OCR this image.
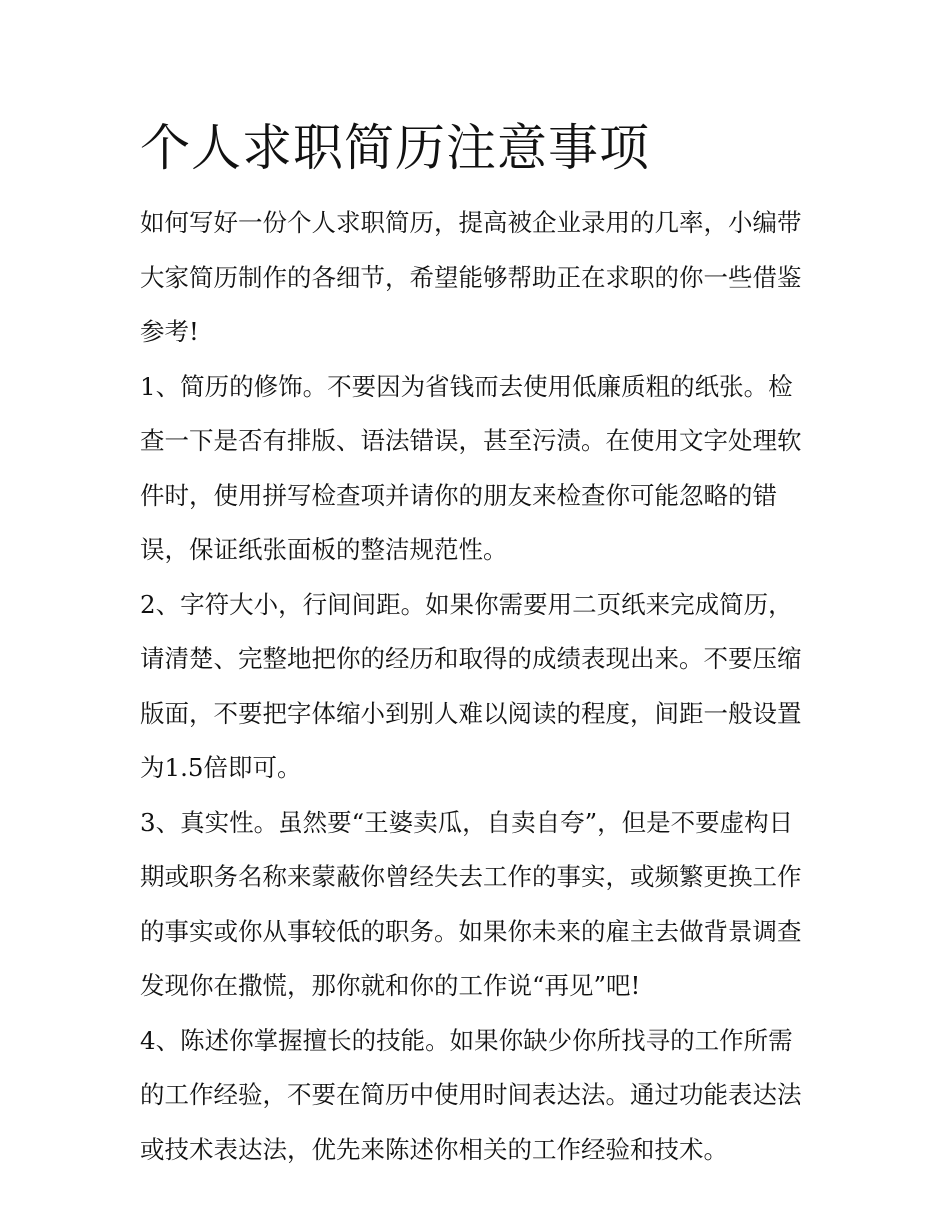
个人求职简历注意事项

如何写好一份个人求职简历，提高被企业录用的几率，小编带大家简历制作的各细节，希望能够帮助正在求职的你一些借鉴参考!

1、简历的修饰。不要因为省钱而去使用低廉质粗的纸张。检查一下是否有排版、语法错误，甚至污渍。在使用文字处理软件时，使用拼写检查项并请你的朋友来检查你可能忽略的错误，保证纸张面板的整洁规范性。

2、字符大小，行间间距。如果你需要用二页纸来完成简历，请清楚、完整地把你的经历和取得的成绩表现出来。不要压缩版面，不要把字体缩小到别人难以阅读的程度，间距一般设置为1.5倍即可。

3、真实性。虽然要“王婆卖瓜，自卖自夸”，但是不要虚构日期或职务名称来蒙蔽你曾经失去工作的事实，或频繁更换工作的事实或你从事较低的职务。如果你未来的雇主去做背景调查发现你在撒慌，那你就和你的工作说“再见”吧!

4、陈述你掌握擅长的技能。如果你缺少你所找寻的工作所需的工作经验，不要在简历中使用时间表达法。通过功能表达法或技术表达法，优先来陈述你相关的工作经验和技术。
